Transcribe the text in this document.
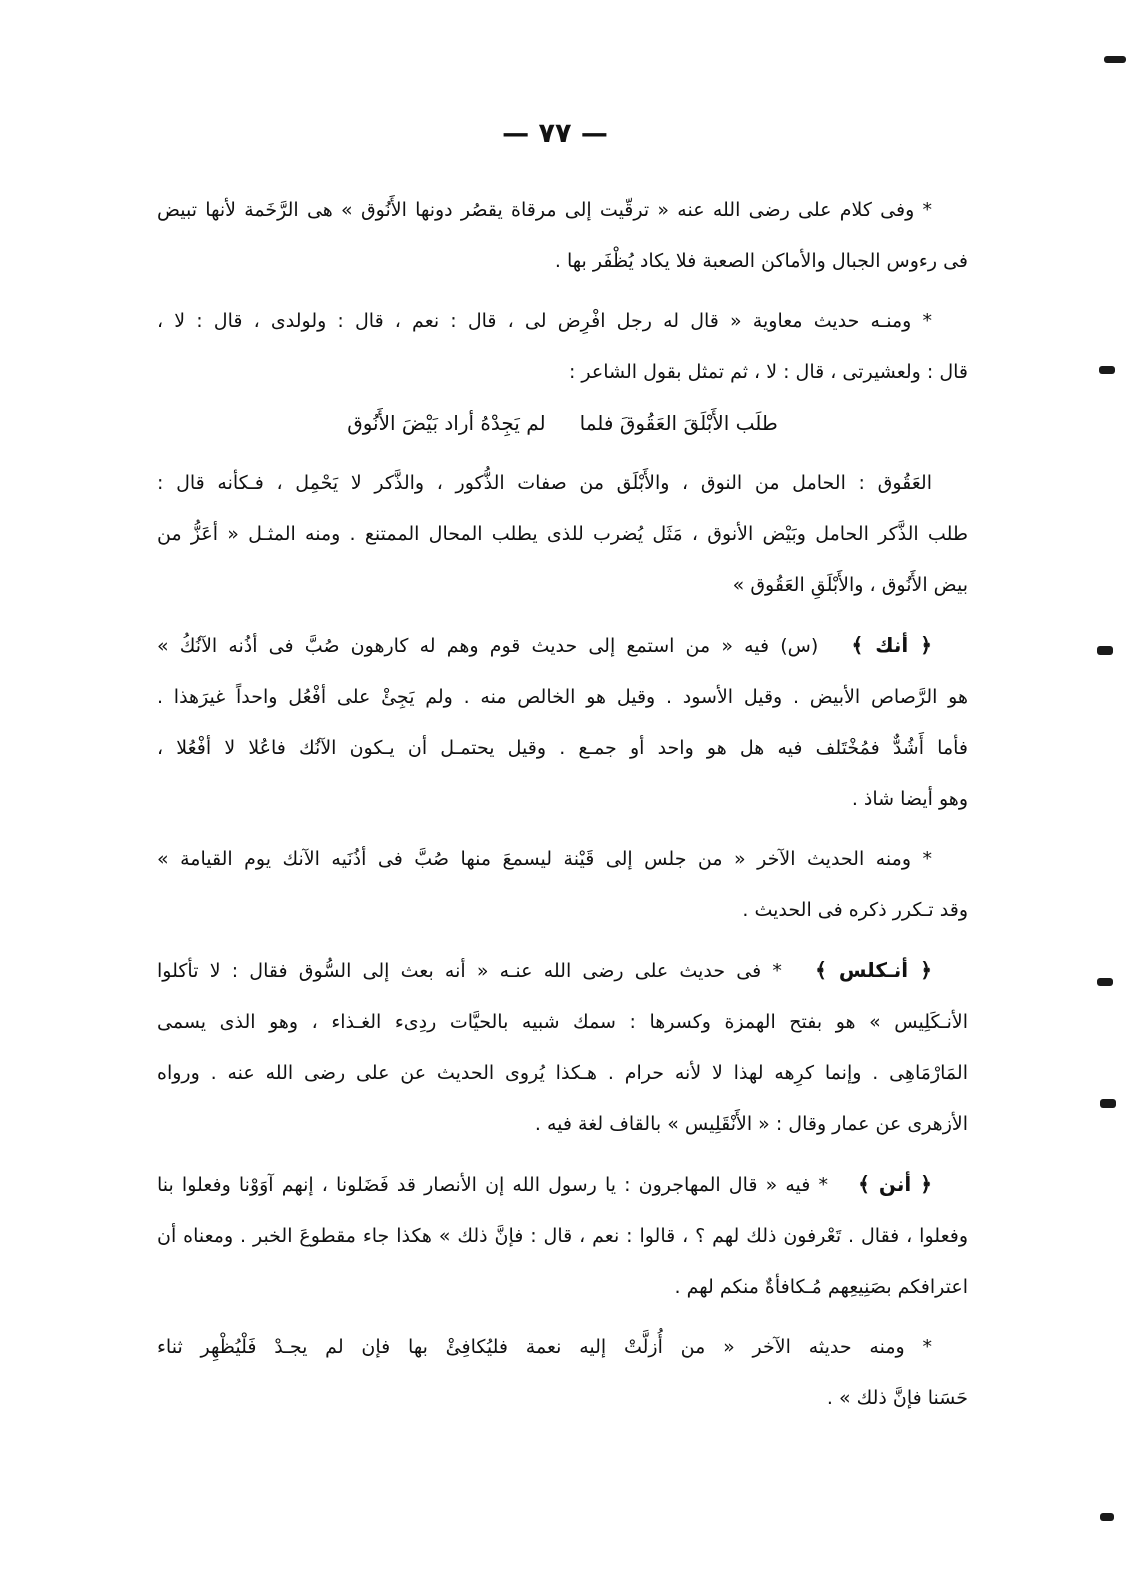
— ٧٧ —
* وفى كلام على رضى الله عنه « ترقّيت إلى مرقاة يقصُر دونها الأَنُوق » هى الرَّخَمة لأنها تبيض
فى رءوس الجبال والأماكن الصعبة فلا يكاد يُظْفَر بها .
* ومنـه حديث معاوية « قال له رجل افْرِض لى ، قال : نعم ، قال : ولولدى ، قال : لا ،
قال : ولعشيرتى ، قال : لا ، ثم تمثل بقول الشاعر :
طلَب الأَبْلَقَ العَقُوقَ فلما
لم يَجِدْهُ أراد بَيْضَ الأَنُوق
العَقُوق : الحامل من النوق ، والأَبْلَق من صفات الذُّكور ، والذَّكر لا يَحْمِل ، فـكأنه قال :
طلب الذَّكر الحامل وبَيْض الأنوق ، مَثَل يُضرب للذى يطلب المحال الممتنع . ومنه المثـل « أعَزُّ من
بيض الأَنُوق ، والأَبْلَقِ العَقُوق »
﴿ أنك ﴾ (س) فيه « من استمع إلى حديث قوم وهم له كارهون صُبَّ فى أذُنه الآنُكُ »
هو الرَّصاص الأبيض . وقيل الأسود . وقيل هو الخالص منه . ولم يَجِئْ على أفْعُل واحداً غيرَهذا .
فأما أَشُدٌّ فمُخْتَلف فيه هل هو واحد أو جمـع . وقيل يحتمـل أن يـكون الآنُك فاعُلا لا أفْعُلا ،
وهو أيضا شاذ .
* ومنه الحديث الآخر « من جلس إلى قَيْنة ليسمعَ منها صُبَّ فى أذُنَيه الآنك يوم القيامة »
وقد تـكرر ذكره فى الحديث .
﴿ أنـكلس ﴾ * فى حديث على رضى الله عنـه « أنه بعث إلى السُّوق فقال : لا تأكلوا
الأنـكَلِيس » هو بفتح الهمزة وكسرها : سمك شبيه بالحيَّات ردِىء الغـذاء ، وهو الذى يسمى
المَارْمَاهِى . وإنما كرِهه لهذا لا لأنه حرام . هـكذا يُروى الحديث عن على رضى الله عنه . ورواه
الأزهرى عن عمار وقال : « الأَنْقَلِيس » بالقاف لغة فيه .
﴿ أنن ﴾ * فيه « قال المهاجرون : يا رسول الله إن الأنصار قد فَضَلونا ، إنهم آوَوْنا وفعلوا بنا
وفعلوا ، فقال . تَعْرفون ذلك لهم ؟ ، قالوا : نعم ، قال : فإنَّ ذلك » هكذا جاء مقطوعَ الخبر . ومعناه أن
اعترافكم بصَنِيعِهم مُـكافأةٌ منكم لهم .
* ومنه حديثه الآخر « من أُزلَّتْ إليه نعمة فليُكافِئْ بها فإن لم يجـدْ فَلْيُظْهِر ثناء
حَسَنا فإنَّ ذلك » .
